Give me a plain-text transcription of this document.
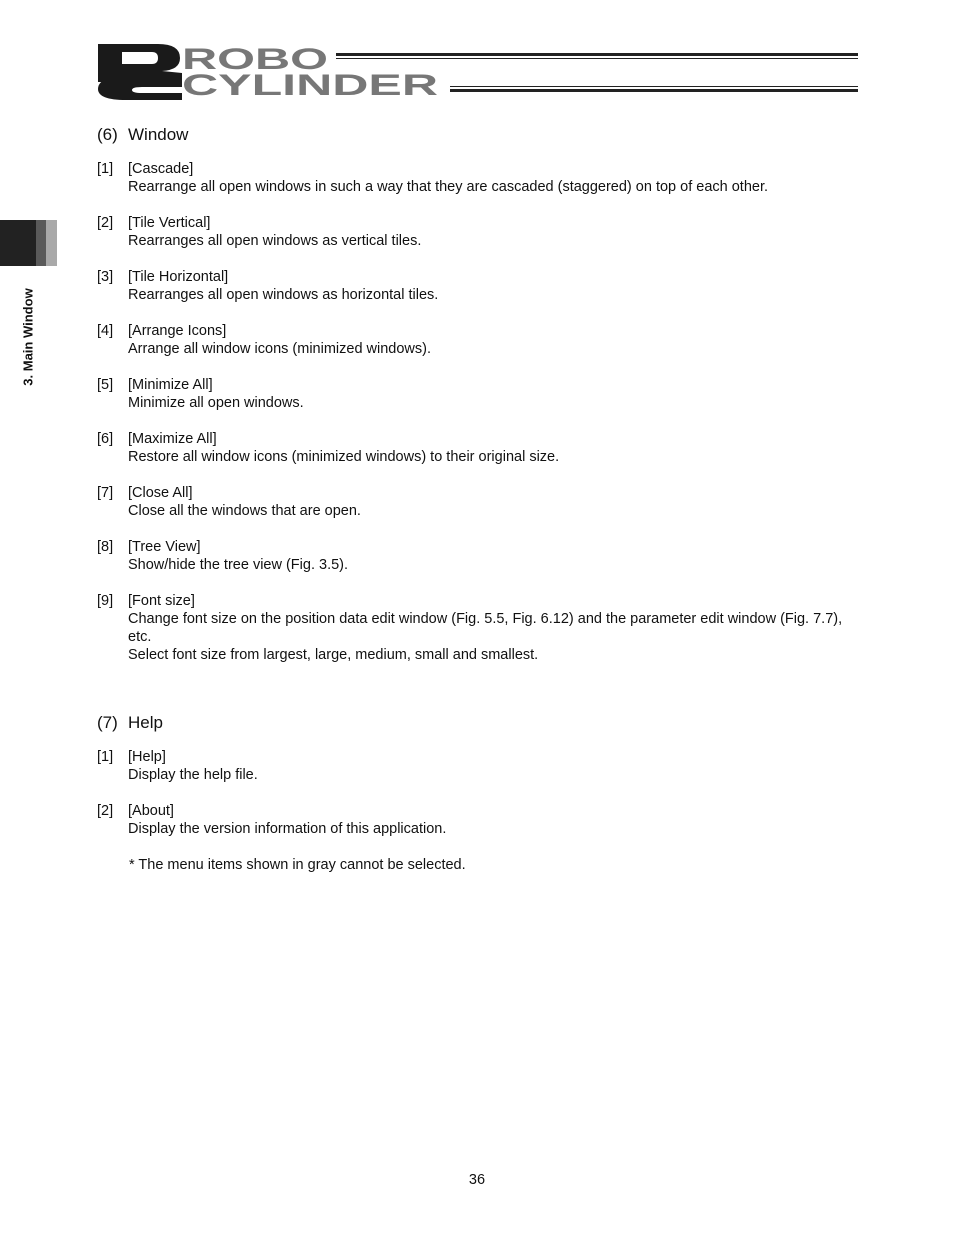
ROBO
CYLINDER
3. Main Window
(6) Window
[1]	[Cascade]
Rearrange all open windows in such a way that they are cascaded (staggered) on top of each other.
[2]	[Tile Vertical]
Rearranges all open windows as vertical tiles.
[3]	[Tile Horizontal]
Rearranges all open windows as horizontal tiles.
[4]	[Arrange Icons]
Arrange all window icons (minimized windows).
[5]	[Minimize All]
Minimize all open windows.
[6]	[Maximize All]
Restore all window icons (minimized windows) to their original size.
[7]	[Close All]
Close all the windows that are open.
[8]	[Tree View]
Show/hide the tree view (Fig. 3.5).
[9]	[Font size]
Change font size on the position data edit window (Fig. 5.5, Fig. 6.12) and the parameter edit window (Fig. 7.7), etc.
Select font size from largest, large, medium, small and smallest.
(7) Help
[1]	[Help]
Display the help file.
[2]	[About]
Display the version information of this application.
* The menu items shown in gray cannot be selected.
36
